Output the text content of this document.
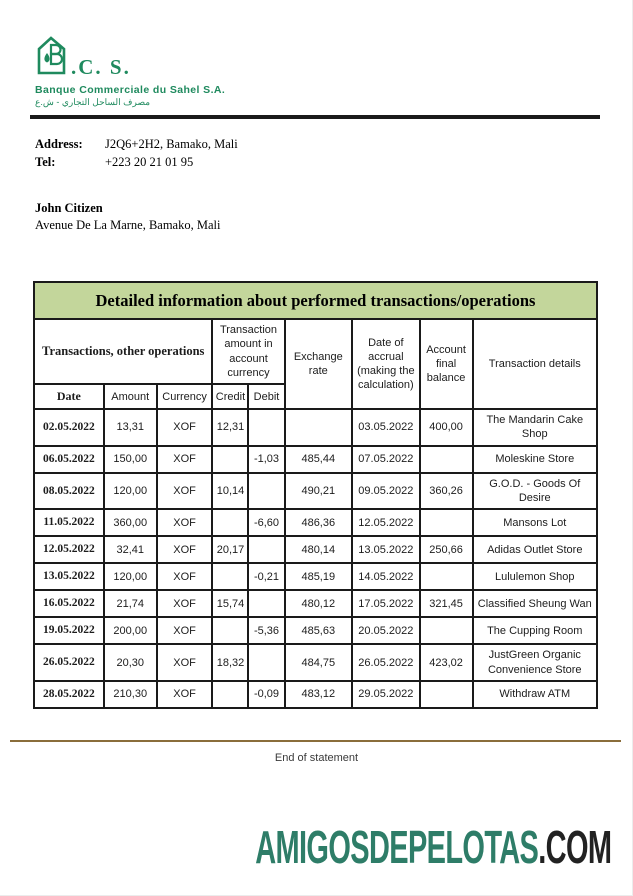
.C. S.
Banque Commerciale du Sahel S.A.
مصرف الساحل التجاري - ش.ع
Address:	J2Q6+2H2, Bamako, Mali
Tel:	+223 20 21 01 95
John Citizen
Avenue De La Marne, Bamako, Mali
Detailed information about performed transactions/operations								
Transactions, other operations			Transaction amount in account currency		Exchange rate	Date of accrual (making the calculation)	Account final balance	Transaction details
Date	Amount	Currency	Credit	Debit				
02.05.2022	13,31	XOF	12,31			03.05.2022	400,00	The Mandarin Cake Shop
06.05.2022	150,00	XOF		-1,03	485,44	07.05.2022		Moleskine Store
08.05.2022	120,00	XOF	10,14		490,21	09.05.2022	360,26	G.O.D. - Goods Of Desire
11.05.2022	360,00	XOF		-6,60	486,36	12.05.2022		Mansons Lot
12.05.2022	32,41	XOF	20,17		480,14	13.05.2022	250,66	Adidas Outlet Store
13.05.2022	120,00	XOF		-0,21	485,19	14.05.2022		Lululemon Shop
16.05.2022	21,74	XOF	15,74		480,12	17.05.2022	321,45	Classified Sheung Wan
19.05.2022	200,00	XOF		-5,36	485,63	20.05.2022		The Cupping Room
26.05.2022	20,30	XOF	18,32		484,75	26.05.2022	423,02	JustGreen Organic Convenience Store
28.05.2022	210,30	XOF		-0,09	483,12	29.05.2022		Withdraw ATM
End of statement
AMIGOSDEPELOTAS.COM
